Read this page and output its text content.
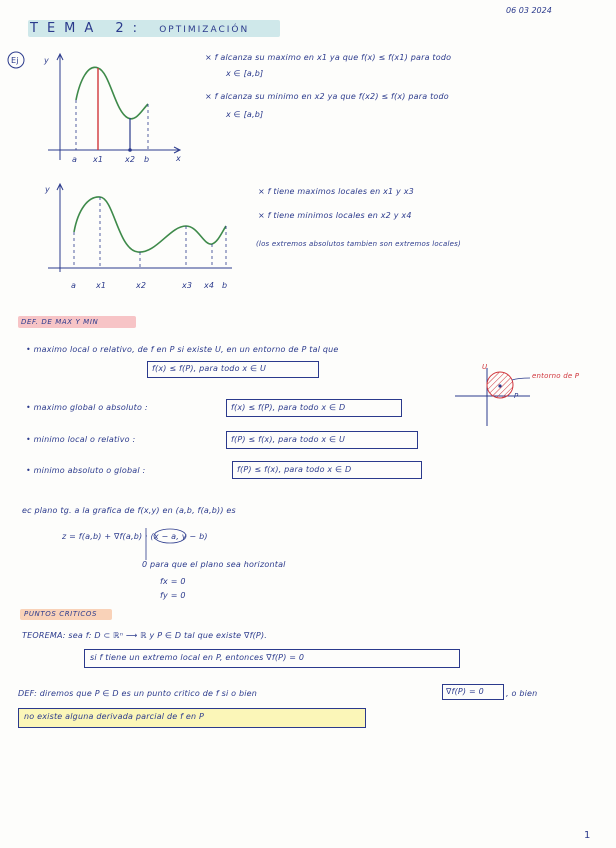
06 03 2024
TEMA 2: OPTIMIZACIÓN
Ej	y
x
a x1	x2 b
y
a x1	x2	x3 x4 b
× f alcanza su maximo en x1 ya que f(x) ≤ f(x1) para todo
x ∈ [a,b]
× f alcanza su minimo en x2 ya que f(x2) ≤ f(x) para todo
x ∈ [a,b]
× f tiene maximos locales en x1 y x3
× f tiene minimos locales en x2 y x4
(los extremos absolutos tambien son extremos locales)
DEF. DE MAX Y MIN
• maximo local o relativo, de f en P si existe U, en un entorno de P tal que
f(x) ≤ f(P), para todo x ∈ U
• maximo global o absoluto :	f(x) ≤ f(P), para todo x ∈ D
• minimo local o relativo :	f(P) ≤ f(x), para todo x ∈ U
• minimo absoluto o global :	f(P) ≤ f(x), para todo x ∈ D
U
entorno de P
P
ec plano tg. a la grafica de f(x,y) en (a,b, f(a,b)) es
z = f(a,b) + ∇f(a,b) · (x − a, y − b)
0 para que el plano sea horizontal
fx = 0
fy = 0
PUNTOS CRITICOS
TEOREMA: sea f: D ⊂ ℝⁿ ⟶ ℝ y P ∈ D tal que existe ∇f(P).
si f tiene un extremo local en P, entonces ∇f(P) = 0
DEF: diremos que P ∈ D es un punto critico de f si o bien	∇f(P) = 0	, o bien
no existe alguna derivada parcial de f en P
1
